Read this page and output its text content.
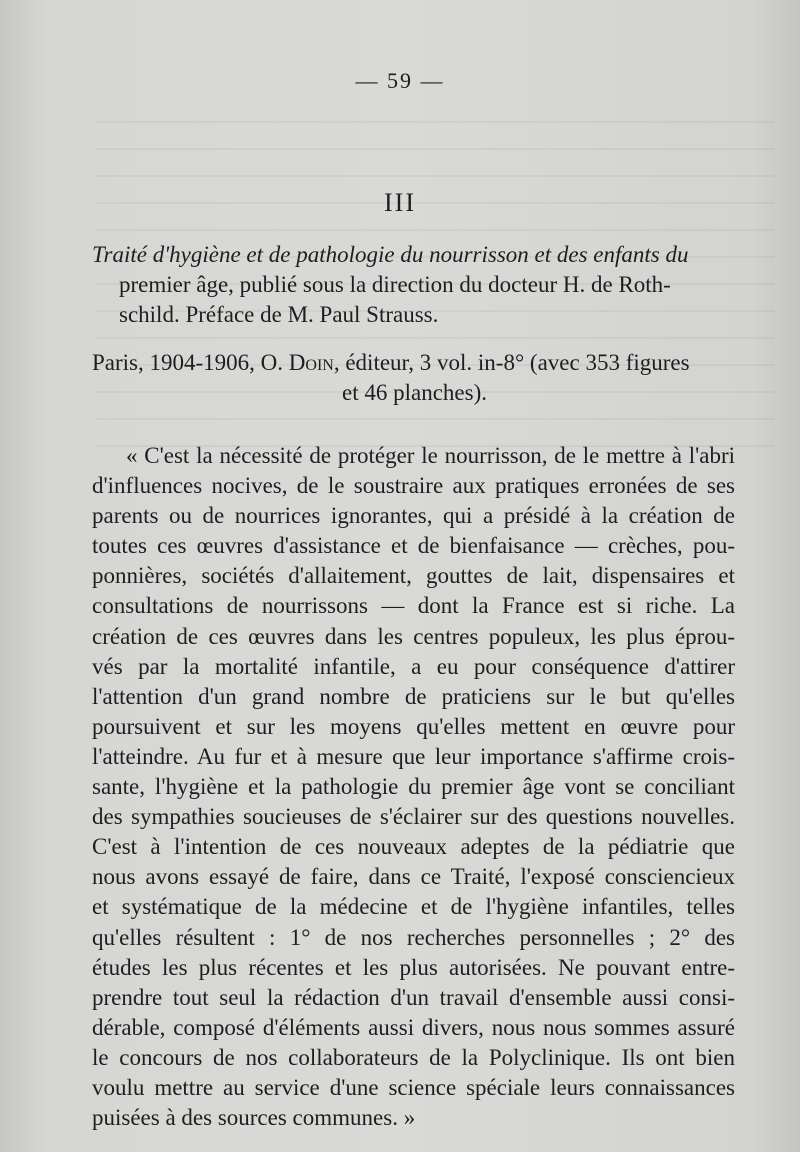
— 59 —
III
Traité d'hygiène et de pathologie du nourrisson et des enfants du
premier âge, publié sous la direction du docteur H. de Roth-
schild. Préface de M. Paul Strauss.
Paris, 1904-1906, O. Doin, éditeur, 3 vol. in-8° (avec 353 figures
et 46 planches).
« C'est la nécessité de protéger le nourrisson, de le mettre à l'abri
d'influences nocives, de le soustraire aux pratiques erronées de ses
parents ou de nourrices ignorantes, qui a présidé à la création de
toutes ces œuvres d'assistance et de bienfaisance — crèches, pou-
ponnières, sociétés d'allaitement, gouttes de lait, dispensaires et
consultations de nourrissons — dont la France est si riche. La
création de ces œuvres dans les centres populeux, les plus éprou-
vés par la mortalité infantile, a eu pour conséquence d'attirer
l'attention d'un grand nombre de praticiens sur le but qu'elles
poursuivent et sur les moyens qu'elles mettent en œuvre pour
l'atteindre. Au fur et à mesure que leur importance s'affirme crois-
sante, l'hygiène et la pathologie du premier âge vont se conciliant
des sympathies soucieuses de s'éclairer sur des questions nouvelles.
C'est à l'intention de ces nouveaux adeptes de la pédiatrie que
nous avons essayé de faire, dans ce Traité, l'exposé consciencieux
et systématique de la médecine et de l'hygiène infantiles, telles
qu'elles résultent : 1° de nos recherches personnelles ; 2° des
études les plus récentes et les plus autorisées. Ne pouvant entre-
prendre tout seul la rédaction d'un travail d'ensemble aussi consi-
dérable, composé d'éléments aussi divers, nous nous sommes assuré
le concours de nos collaborateurs de la Polyclinique. Ils ont bien
voulu mettre au service d'une science spéciale leurs connaissances
puisées à des sources communes. »
